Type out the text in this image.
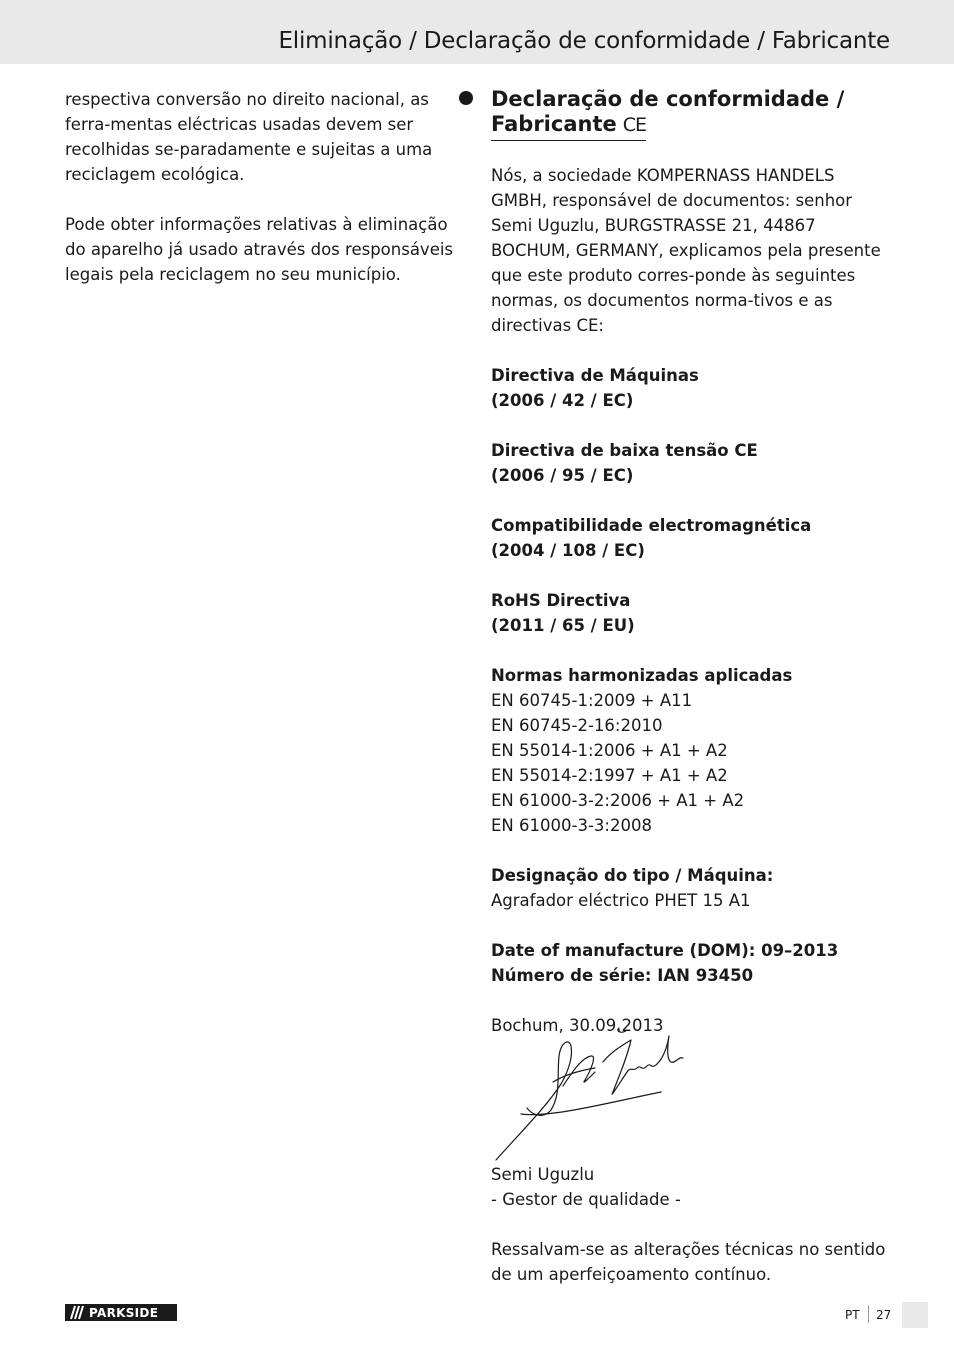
Eliminação / Declaração de conformidade / Fabricante

respectiva conversão no direito nacional, as ferra-mentas eléctricas usadas devem ser recolhidas se-paradamente e sujeitas a uma reciclagem ecológica.

Pode obter informações relativas à eliminação do aparelho já usado através dos responsáveis legais pela reciclagem no seu município.

Declaração de conformidade /
Fabricante CE

Nós, a sociedade KOMPERNASS HANDELS GMBH, responsável de documentos: senhor Semi Uguzlu, BURGSTRASSE 21, 44867 BOCHUM, GERMANY, explicamos pela presente que este produto corres-ponde às seguintes normas, os documentos norma-tivos e as directivas CE:

Directiva de Máquinas
(2006 / 42 / EC)

Directiva de baixa tensão CE
(2006 / 95 / EC)

Compatibilidade electromagnética
(2004 / 108 / EC)

RoHS Directiva
(2011 / 65 / EU)

Normas harmonizadas aplicadas
EN 60745-1:2009 + A11
EN 60745-2-16:2010
EN 55014-1:2006 + A1 + A2
EN 55014-2:1997 + A1 + A2
EN 61000-3-2:2006 + A1 + A2
EN 61000-3-3:2008

Designação do tipo / Máquina:
Agrafador eléctrico PHET 15 A1

Date of manufacture (DOM): 09–2013
Número de série: IAN 93450

Bochum, 30.09.2013

Semi Uguzlu
- Gestor de qualidade -
Ressalvam-se as alterações técnicas no sentido de um aperfeiçoamento contínuo.
PARKSIDE	PT 27
